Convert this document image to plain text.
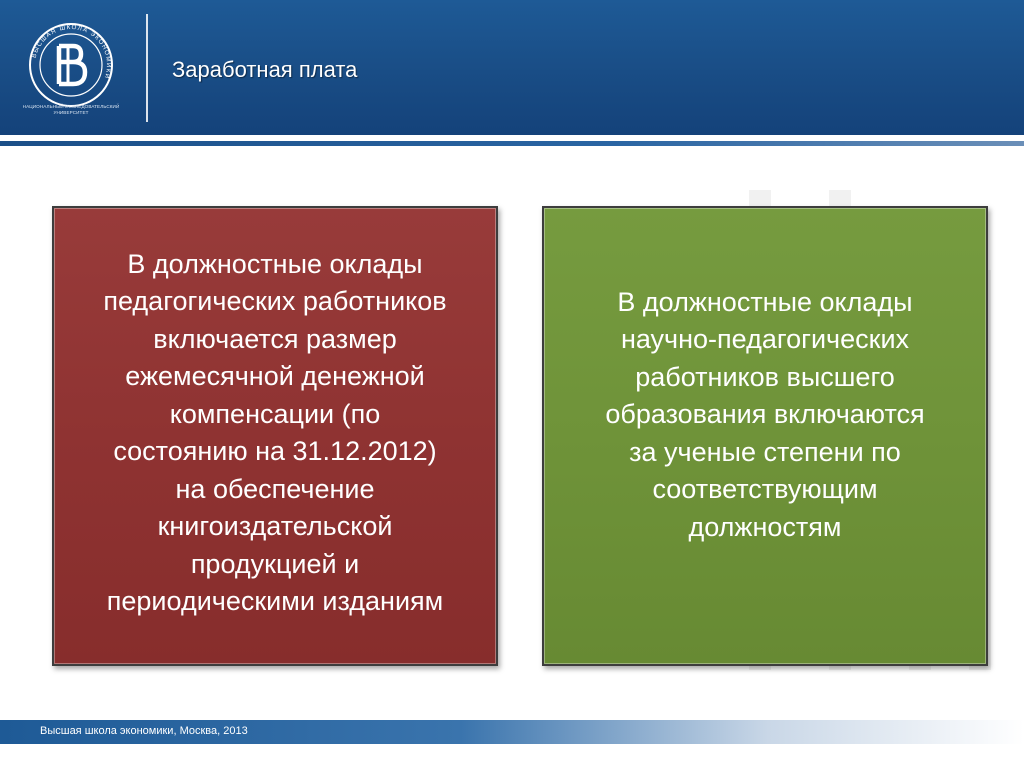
ВЫСШАЯ ШКОЛА ЭКОНОМИКИ
НАЦИОНАЛЬНЫЙ ИССЛЕДОВАТЕЛЬСКИЙ
УНИВЕРСИТЕТ
Заработная плата
В должностные оклады
педагогических работников
включается размер
ежемесячной денежной
компенсации (по
состоянию на 31.12.2012)
на обеспечение
книгоиздательской
продукцией и
периодическими изданиям
В должностные оклады
научно-педагогических
работников высшего
образования включаются
за ученые степени по
соответствующим
должностям
Высшая школа экономики, Москва, 2013
